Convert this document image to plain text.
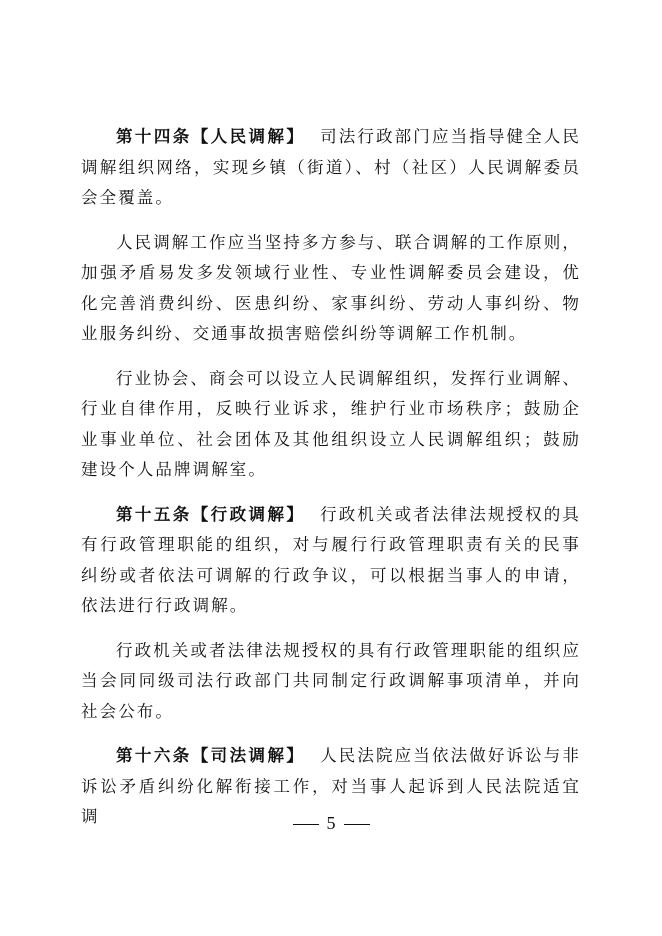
第十四条【人民调解】 司法行政部门应当指导健全人民调解组织网络，实现乡镇（街道）、村（社区）人民调解委员会全覆盖。

人民调解工作应当坚持多方参与、联合调解的工作原则，加强矛盾易发多发领域行业性、专业性调解委员会建设，优化完善消费纠纷、医患纠纷、家事纠纷、劳动人事纠纷、物业服务纠纷、交通事故损害赔偿纠纷等调解工作机制。

行业协会、商会可以设立人民调解组织，发挥行业调解、行业自律作用，反映行业诉求，维护行业市场秩序；鼓励企业事业单位、社会团体及其他组织设立人民调解组织；鼓励建设个人品牌调解室。

第十五条【行政调解】 行政机关或者法律法规授权的具有行政管理职能的组织，对与履行行政管理职责有关的民事纠纷或者依法可调解的行政争议，可以根据当事人的申请，依法进行行政调解。

行政机关或者法律法规授权的具有行政管理职能的组织应当会同同级司法行政部门共同制定行政调解事项清单，并向社会公布。

第十六条【司法调解】 人民法院应当依法做好诉讼与非诉讼矛盾纠纷化解衔接工作，对当事人起诉到人民法院适宜调	5
